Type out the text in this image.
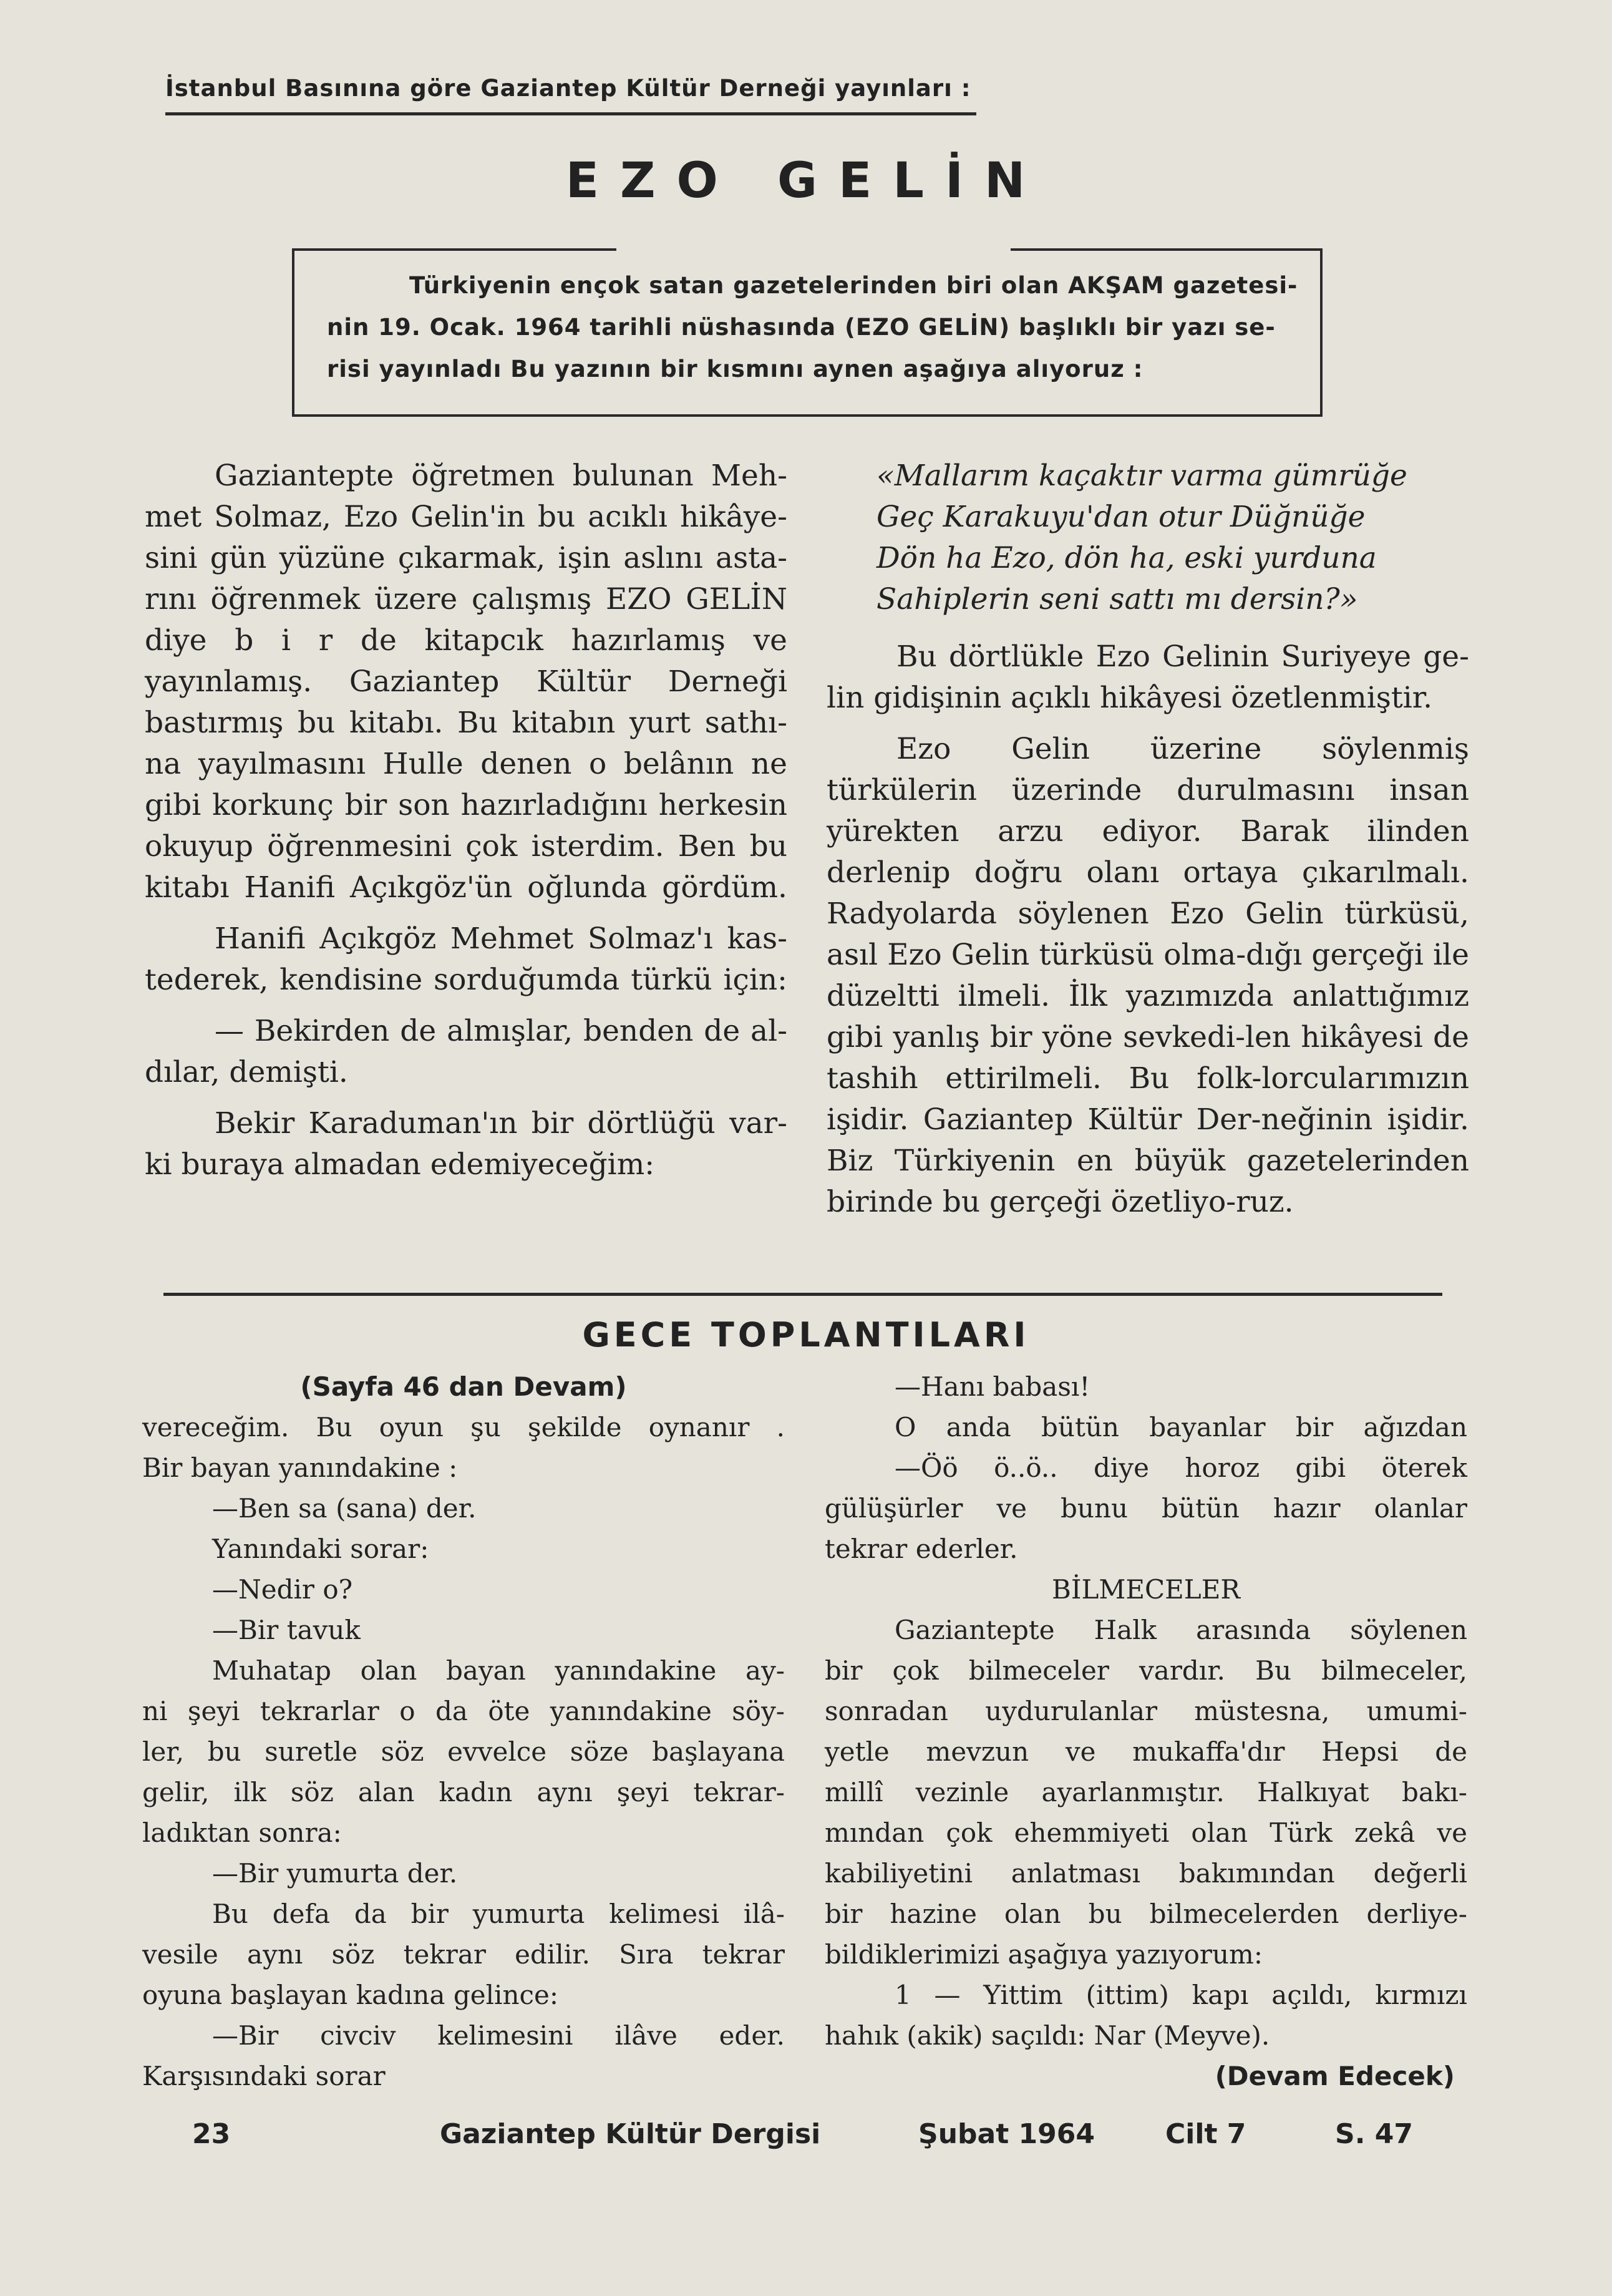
İstanbul Basınına göre Gaziantep Kültür Derneği yayınları :
EZO GELİN
Türkiyenin ençok satan gazetelerinden biri olan AKŞAM gazetesi-
nin 19. Ocak. 1964 tarihli nüshasında (EZO GELİN) başlıklı bir yazı se-
risi yayınladı Bu yazının bir kısmını aynen aşağıya alıyoruz :

Gaziantepte öğretmen bulunan Meh-met Solmaz, Ezo Gelin'in bu acıklı hikâye-sini gün yüzüne çıkarmak, işin aslını asta-rını öğrenmek üzere çalışmış EZO GELİN diye b i r de kitapcık hazırlamış ve yayınlamış. Gaziantep Kültür Derneği bastırmış bu kitabı. Bu kitabın yurt sathı-na yayılmasını Hulle denen o belânın ne gibi korkunç bir son hazırladığını herkesin okuyup öğrenmesini çok isterdim. Ben bu kitabı Hanifi Açıkgöz'ün oğlunda gördüm.

Hanifi Açıkgöz Mehmet Solmaz'ı kas-tederek, kendisine sorduğumda türkü için:

— Bekirden de almışlar, benden de al-dılar, demişti.

Bekir Karaduman'ın bir dörtlüğü var-ki buraya almadan edemiyeceğim:

«Mallarım kaçaktır varma gümrüğe

Geç Karakuyu'dan otur Düğnüğe

Dön ha Ezo, dön ha, eski yurduna

Sahiplerin seni sattı mı dersin?»

Bu dörtlükle Ezo Gelinin Suriyeye ge-lin gidişinin açıklı hikâyesi özetlenmiştir.

Ezo Gelin üzerine söylenmiş türkülerin üzerinde durulmasını insan yürekten arzu ediyor. Barak ilinden derlenip doğru olanı ortaya çıkarılmalı. Radyolarda söylenen Ezo Gelin türküsü, asıl Ezo Gelin türküsü olma-dığı gerçeği ile düzeltti ilmeli. İlk yazımızda anlattığımız gibi yanlış bir yöne sevkedi-len hikâyesi de tashih ettirilmeli. Bu folk-lorcularımızın işidir. Gaziantep Kültür Der-neğinin işidir. Biz Türkiyenin en büyük gazetelerinden birinde bu gerçeği özetliyo-ruz.

GECE TOPLANTILARI

(Sayfa 46 dan Devam)

vereceğim. Bu oyun şu şekilde oynanır .

Bir bayan yanındakine :

—Ben sa (sana) der.

Yanındaki sorar:

—Nedir o?

—Bir tavuk

Muhatap olan bayan yanındakine ay-

ni şeyi tekrarlar o da öte yanındakine söy-

ler, bu suretle söz evvelce söze başlayana

gelir, ilk söz alan kadın aynı şeyi tekrar-

ladıktan sonra:

—Bir yumurta der.

Bu defa da bir yumurta kelimesi ilâ-

vesile aynı söz tekrar edilir. Sıra tekrar

oyuna başlayan kadına gelince:

—Bir civciv kelimesini ilâve eder.

Karşısındaki sorar

—Hanı babası!

O anda bütün bayanlar bir ağızdan

—Öö ö..ö.. diye horoz gibi öterek

gülüşürler ve bunu bütün hazır olanlar

tekrar ederler.

BİLMECELER

Gaziantepte Halk arasında söylenen

bir çok bilmeceler vardır. Bu bilmeceler,

sonradan uydurulanlar müstesna, umumi-

yetle mevzun ve mukaffa'dır Hepsi de

millî vezinle ayarlanmıştır. Halkıyat bakı-

mından çok ehemmiyeti olan Türk zekâ ve

kabiliyetini anlatması bakımından değerli

bir hazine olan bu bilmecelerden derliye-

bildiklerimizi aşağıya yazıyorum:

1 — Yittim (ittim) kapı açıldı, kırmızı

hahık (akik) saçıldı: Nar (Meyve).

(Devam Edecek)

23	Gaziantep Kültür Dergisi	Şubat 1964	Cilt 7	S. 47
